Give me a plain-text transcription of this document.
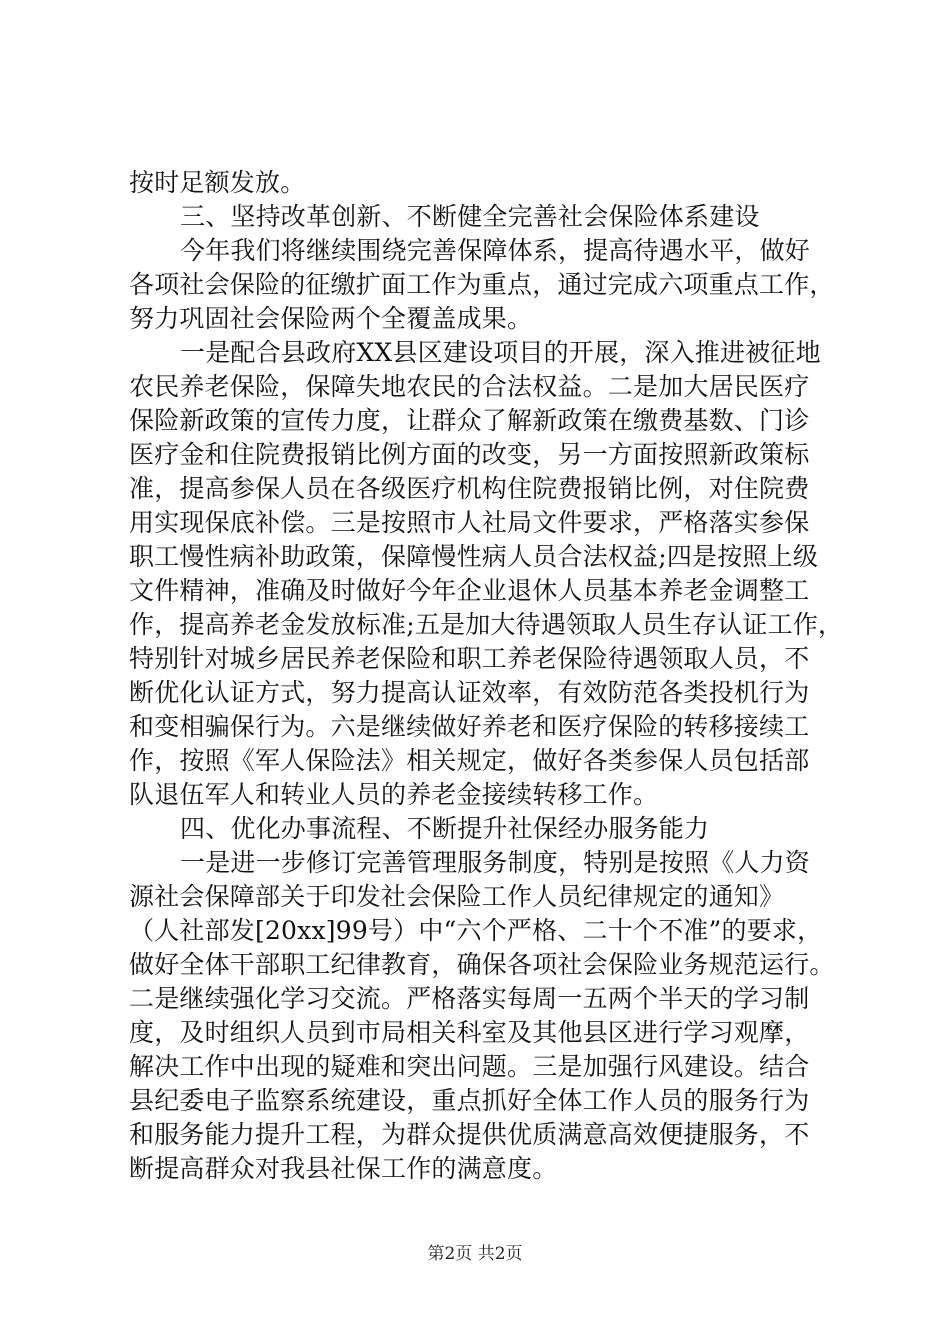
按时足额发放。
三、坚持改革创新、不断健全完善社会保险体系建设
今年我们将继续围绕完善保障体系，提高待遇水平，做好
各项社会保险的征缴扩面工作为重点，通过完成六项重点工作，
努力巩固社会保险两个全覆盖成果。
一是配合县政府XX县区建设项目的开展，深入推进被征地
农民养老保险，保障失地农民的合法权益。二是加大居民医疗
保险新政策的宣传力度，让群众了解新政策在缴费基数、门诊
医疗金和住院费报销比例方面的改变，另一方面按照新政策标
准，提高参保人员在各级医疗机构住院费报销比例，对住院费
用实现保底补偿。三是按照市人社局文件要求，严格落实参保
职工慢性病补助政策，保障慢性病人员合法权益;四是按照上级
文件精神，准确及时做好今年企业退休人员基本养老金调整工
作，提高养老金发放标准;五是加大待遇领取人员生存认证工作，
特别针对城乡居民养老保险和职工养老保险待遇领取人员，不
断优化认证方式，努力提高认证效率，有效防范各类投机行为
和变相骗保行为。六是继续做好养老和医疗保险的转移接续工
作，按照《军人保险法》相关规定，做好各类参保人员包括部
队退伍军人和转业人员的养老金接续转移工作。
四、优化办事流程、不断提升社保经办服务能力
一是进一步修订完善管理服务制度，特别是按照《人力资
源社会保障部关于印发社会保险工作人员纪律规定的通知》
（人社部发[20xx]99号）中“六个严格、二十个不准”的要求，
做好全体干部职工纪律教育，确保各项社会保险业务规范运行。
二是继续强化学习交流。严格落实每周一五两个半天的学习制
度，及时组织人员到市局相关科室及其他县区进行学习观摩，
解决工作中出现的疑难和突出问题。三是加强行风建设。结合
县纪委电子监察系统建设，重点抓好全体工作人员的服务行为
和服务能力提升工程，为群众提供优质满意高效便捷服务，不
断提高群众对我县社保工作的满意度。
第2页 共2页
